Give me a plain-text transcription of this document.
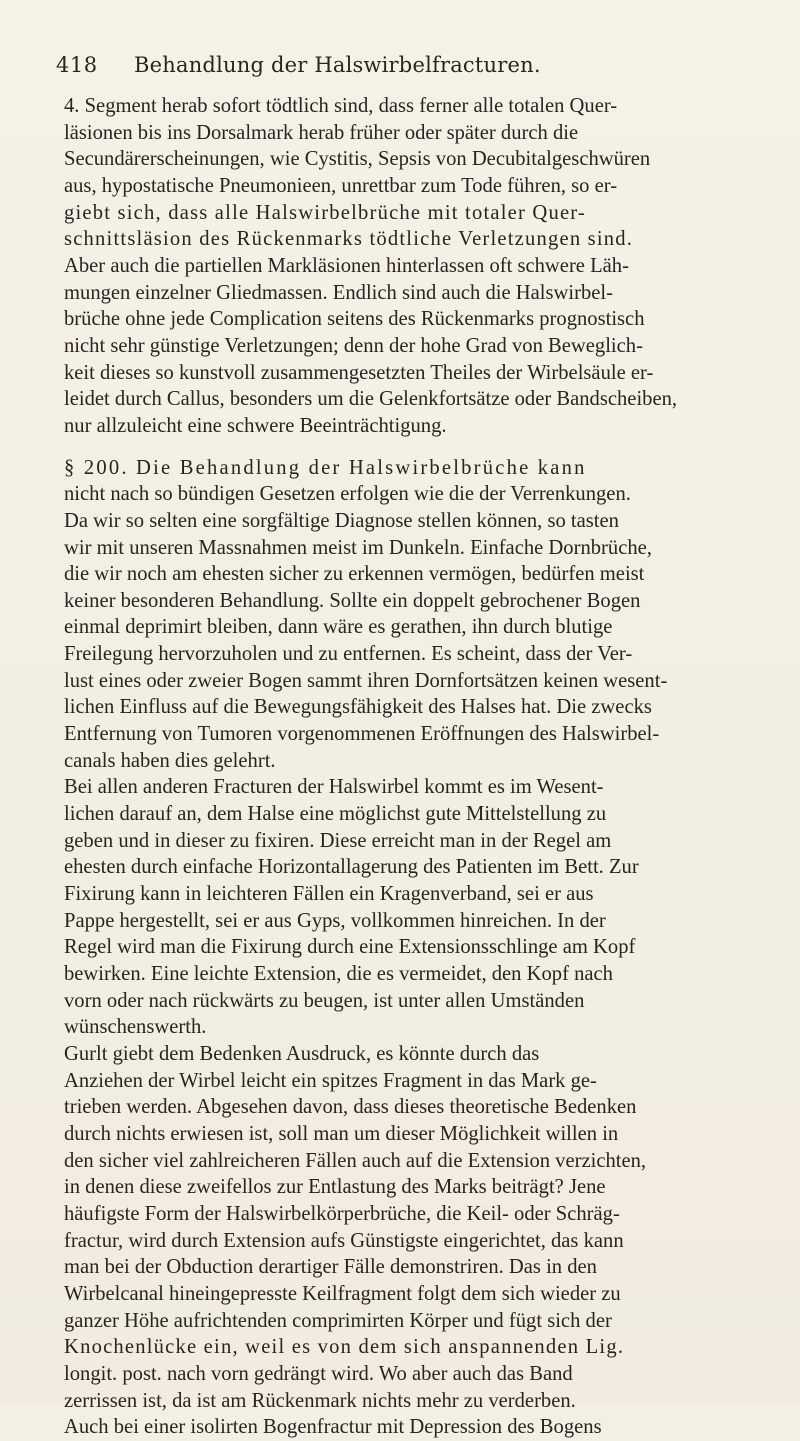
418 Behandlung der Halswirbelfracturen.
4. Segment herab sofort tödtlich sind, dass ferner alle totalen Quer-
läsionen bis ins Dorsalmark herab früher oder später durch die
Secundärerscheinungen, wie Cystitis, Sepsis von Decubitalgeschwüren
aus, hypostatische Pneumonieen, unrettbar zum Tode führen, so er-
giebt sich, dass alle Halswirbelbrüche mit totaler Quer-
schnittsläsion des Rückenmarks tödtliche Verletzungen sind.
Aber auch die partiellen Markläsionen hinterlassen oft schwere Läh-
mungen einzelner Gliedmassen. Endlich sind auch die Halswirbel-
brüche ohne jede Complication seitens des Rückenmarks prognostisch
nicht sehr günstige Verletzungen; denn der hohe Grad von Beweglich-
keit dieses so kunstvoll zusammengesetzten Theiles der Wirbelsäule er-
leidet durch Callus, besonders um die Gelenkfortsätze oder Bandscheiben,
nur allzuleicht eine schwere Beeinträchtigung.
§ 200. Die Behandlung der Halswirbelbrüche kann
nicht nach so bündigen Gesetzen erfolgen wie die der Verrenkungen.
Da wir so selten eine sorgfältige Diagnose stellen können, so tasten
wir mit unseren Massnahmen meist im Dunkeln. Einfache Dornbrüche,
die wir noch am ehesten sicher zu erkennen vermögen, bedürfen meist
keiner besonderen Behandlung. Sollte ein doppelt gebrochener Bogen
einmal deprimirt bleiben, dann wäre es gerathen, ihn durch blutige
Freilegung hervorzuholen und zu entfernen. Es scheint, dass der Ver-
lust eines oder zweier Bogen sammt ihren Dornfortsätzen keinen wesent-
lichen Einfluss auf die Bewegungsfähigkeit des Halses hat. Die zwecks
Entfernung von Tumoren vorgenommenen Eröffnungen des Halswirbel-
canals haben dies gelehrt.
Bei allen anderen Fracturen der Halswirbel kommt es im Wesent-
lichen darauf an, dem Halse eine möglichst gute Mittelstellung zu
geben und in dieser zu fixiren. Diese erreicht man in der Regel am
ehesten durch einfache Horizontallagerung des Patienten im Bett. Zur
Fixirung kann in leichteren Fällen ein Kragenverband, sei er aus
Pappe hergestellt, sei er aus Gyps, vollkommen hinreichen. In der
Regel wird man die Fixirung durch eine Extensionsschlinge am Kopf
bewirken. Eine leichte Extension, die es vermeidet, den Kopf nach
vorn oder nach rückwärts zu beugen, ist unter allen Umständen
wünschenswerth.
Gurlt giebt dem Bedenken Ausdruck, es könnte durch das
Anziehen der Wirbel leicht ein spitzes Fragment in das Mark ge-
trieben werden. Abgesehen davon, dass dieses theoretische Bedenken
durch nichts erwiesen ist, soll man um dieser Möglichkeit willen in
den sicher viel zahlreicheren Fällen auch auf die Extension verzichten,
in denen diese zweifellos zur Entlastung des Marks beiträgt? Jene
häufigste Form der Halswirbelkörperbrüche, die Keil- oder Schräg-
fractur, wird durch Extension aufs Günstigste eingerichtet, das kann
man bei der Obduction derartiger Fälle demonstriren. Das in den
Wirbelcanal hineingepresste Keilfragment folgt dem sich wieder zu
ganzer Höhe aufrichtenden comprimirten Körper und fügt sich der
Knochenlücke ein, weil es von dem sich anspannenden Lig.
longit. post. nach vorn gedrängt wird. Wo aber auch das Band
zerrissen ist, da ist am Rückenmark nichts mehr zu verderben.
Auch bei einer isolirten Bogenfractur mit Depression des Bogens
